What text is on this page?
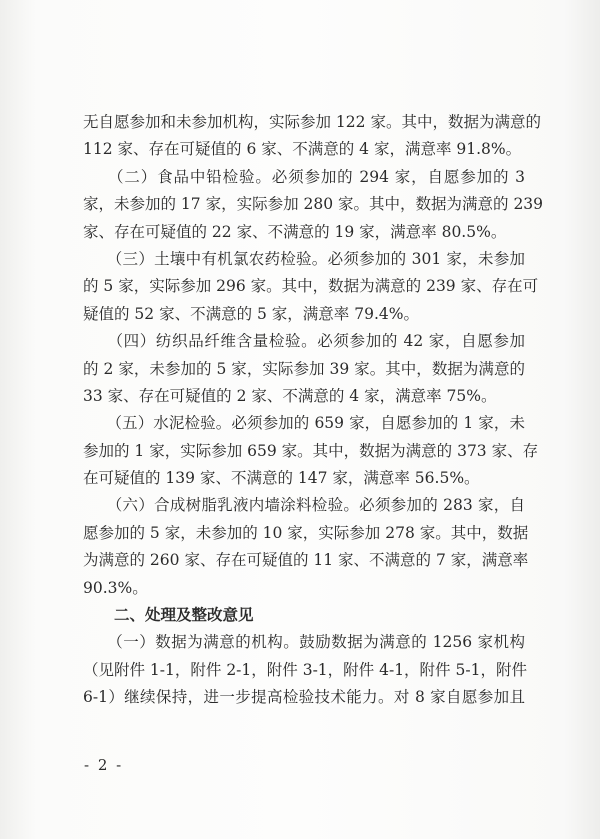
无自愿参加和未参加机构，实际参加 122 家。其中，数据为满意的
112 家、存在可疑值的 6 家、不满意的 4 家，满意率 91.8%。
　　（二）食品中铅检验。必须参加的 294 家，自愿参加的 3
家，未参加的 17 家，实际参加 280 家。其中，数据为满意的 239
家、存在可疑值的 22 家、不满意的 19 家，满意率 80.5%。
　　（三）土壤中有机氯农药检验。必须参加的 301 家，未参加
的 5 家，实际参加 296 家。其中，数据为满意的 239 家、存在可
疑值的 52 家、不满意的 5 家，满意率 79.4%。
　　（四）纺织品纤维含量检验。必须参加的 42 家，自愿参加
的 2 家，未参加的 5 家，实际参加 39 家。其中，数据为满意的
33 家、存在可疑值的 2 家、不满意的 4 家，满意率 75%。
　　（五）水泥检验。必须参加的 659 家，自愿参加的 1 家，未
参加的 1 家，实际参加 659 家。其中，数据为满意的 373 家、存
在可疑值的 139 家、不满意的 147 家，满意率 56.5%。
　　（六）合成树脂乳液内墙涂料检验。必须参加的 283 家，自
愿参加的 5 家，未参加的 10 家，实际参加 278 家。其中，数据
为满意的 260 家、存在可疑值的 11 家、不满意的 7 家，满意率
90.3%。
二、处理及整改意见
　　（一）数据为满意的机构。鼓励数据为满意的 1256 家机构
（见附件 1-1，附件 2-1，附件 3-1，附件 4-1，附件 5-1，附件
6-1）继续保持，进一步提高检验技术能力。对 8 家自愿参加且
- 2 -
